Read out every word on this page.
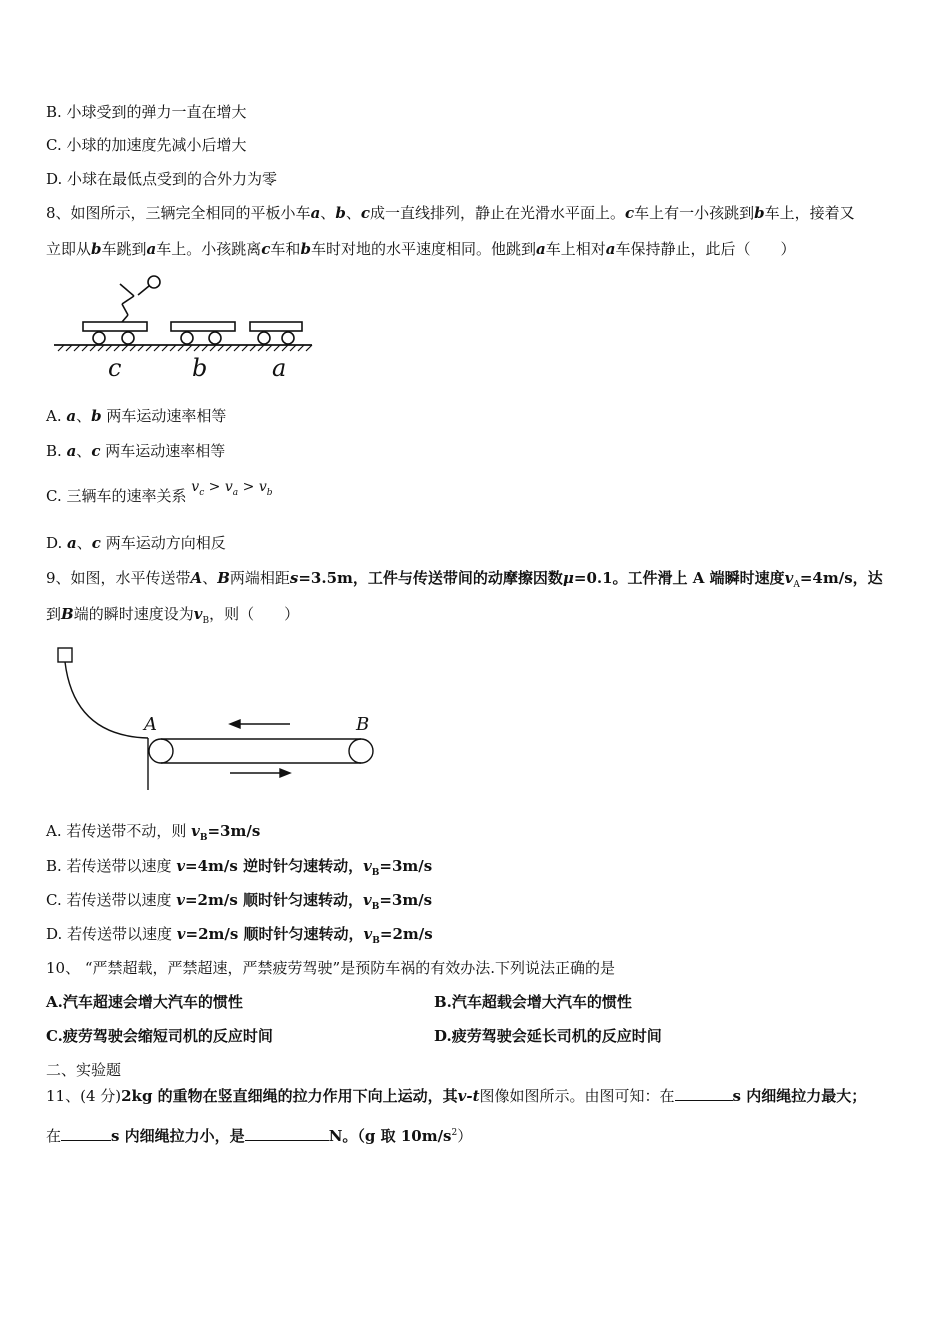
B. 小球受到的弹力一直在增大
C. 小球的加速度先减小后增大
D. 小球在最低点受到的合外力为零
8、如图所示，三辆完全相同的平板小车a、b、c成一直线排列，静止在光滑水平面上。c车上有一小孩跳到b车上，接着又
立即从b车跳到a车上。小孩跳离c车和b车时对地的水平速度相同。他跳到a车上相对a车保持静止，此后（　　）
c	b	a
A. a、b 两车运动速率相等
B. a、c 两车运动速率相等
C. 三辆车的速率关系 $v_c > v_a > v_b$
D. a、c 两车运动方向相反
9、如图，水平传送带A、B两端相距s=3.5m，工件与传送带间的动摩擦因数μ=0.1。工件滑上 A 端瞬时速度$v_A=4m/s$，达
到B端的瞬时速度设为$v_B$，则（　　）
A	B
A. 若传送带不动，则 $v_B=3m/s$
B. 若传送带以速度 v=4m/s 逆时针匀速转动，$v_B=3m/s$
C. 若传送带以速度 v=2m/s 顺时针匀速转动，$v_B=3m/s$
D. 若传送带以速度 v=2m/s 顺时针匀速转动，$v_B=2m/s$
10、 “严禁超载，严禁超速，严禁疲劳驾驶”是预防车祸的有效办法.下列说法正确的是
A.汽车超速会增大汽车的惯性	B.汽车超载会增大汽车的惯性
C.疲劳驾驶会缩短司机的反应时间	D.疲劳驾驶会延长司机的反应时间
二、实验题
11、(4 分)2kg 的重物在竖直细绳的拉力作用下向上运动，其v-t图像如图所示。由图可知：在	s 内细绳拉力最大；
在	s 内细绳拉力小，是	N。（g 取 $10m/s^2$）
